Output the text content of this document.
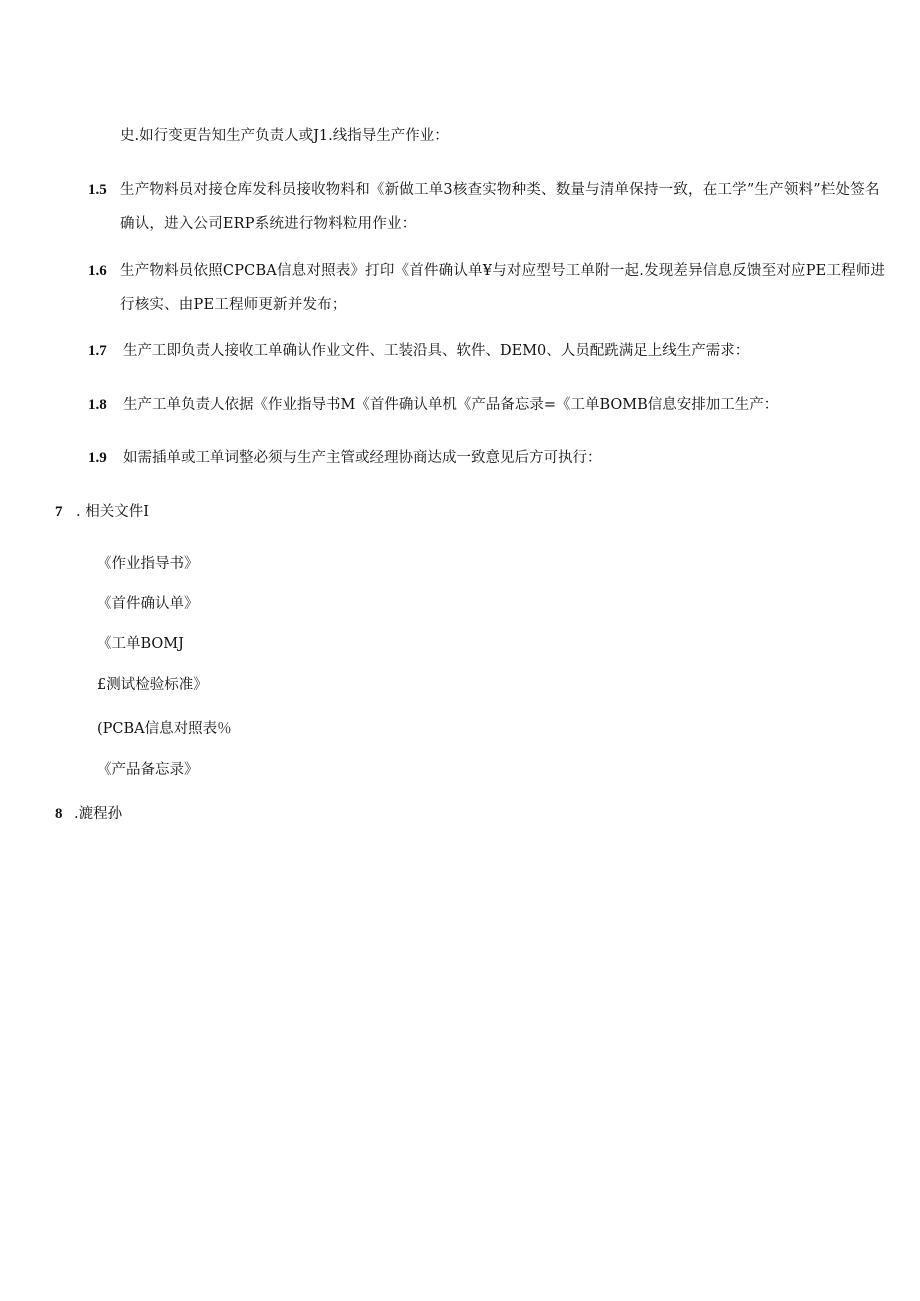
史.如行变更告知生产负责人或J1.线指导生产作业：
1.5 生产物料员对接仓库发科员接收物料和《新做工单3核查实物种类、数量与清单保持一致，在工学”生产领料”栏处签名确认，进入公司ERP系统进行物料粒用作业：
1.6 生产物料员依照CPCBA信息对照表》打印《首件确认单¥与对应型号工单附一起.发现差异信息反馈至对应PE工程师进行核实、由PE工程师更新并发布；
1.7 生产工即负责人接收工单确认作业文件、工装沿具、软件、DEM0、人员配跣满足上线生产需求：
1.8 生产工单负责人依据《作业指导书M《首件确认单机《产品备忘录=《工单BOMB信息安排加工生产：
1.9 如需插单或工单词整必须与生产主管或经理协商达成一致意见后方可执行：
7 . 相关文件I
《作业指导书》
《首件确认单》
《工单BOMJ
£测试检验标准》
(PCBA信息对照表％
《产品备忘录》
8 .漉程孙
